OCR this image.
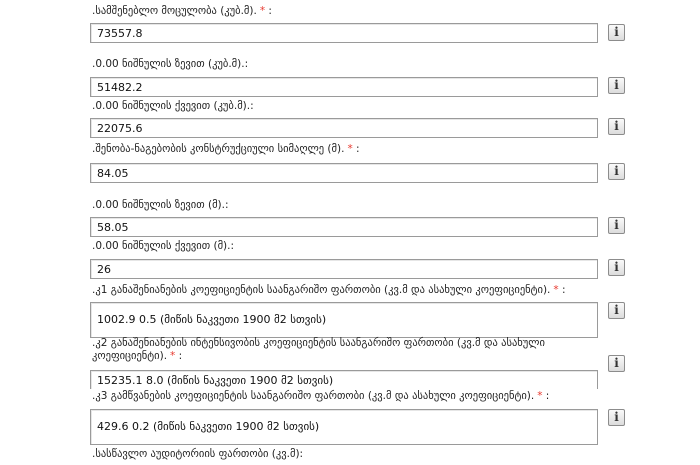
.სამშენებლო მოცულობა (კუბ.მ). * :
73557.8	i
.0.00 ნიშნულის ზევით (კუბ.მ).:
51482.2	i
.0.00 ნიშნულის ქვევით (კუბ.მ).:
22075.6	i
.შენობა-ნაგებობის კონსტრუქციული სიმაღლე (მ). * :
84.05	i
.0.00 ნიშნულის ზევით (მ).:
58.05	i
.0.00 ნიშნულის ქვევით (მ).:
26	i
.კ1 განაშენიანების კოეფიციენტის საანგარიშო ფართობი (კვ.მ და ასახული კოეფიციენტი). * :
1002.9 0.5 (მიწის ნაკვეთი 1900 მ2 სთვის)
i
.კ2 განაშენიანების ინტენსივობის კოეფიციენტის საანგარიშო ფართობი (კვ.მ და ასახული კოეფიციენტი). * :
15235.1 8.0 (მიწის ნაკვეთი 1900 მ2 სთვის)
i
.კ3 გამწვანების კოეფიციენტის საანგარიშო ფართობი (კვ.მ და ასახული კოეფიციენტი). * :
429.6 0.2 (მიწის ნაკვეთი 1900 მ2 სთვის)
i
.სასწავლო აუდიტორიის ფართობი (კვ.მ):
